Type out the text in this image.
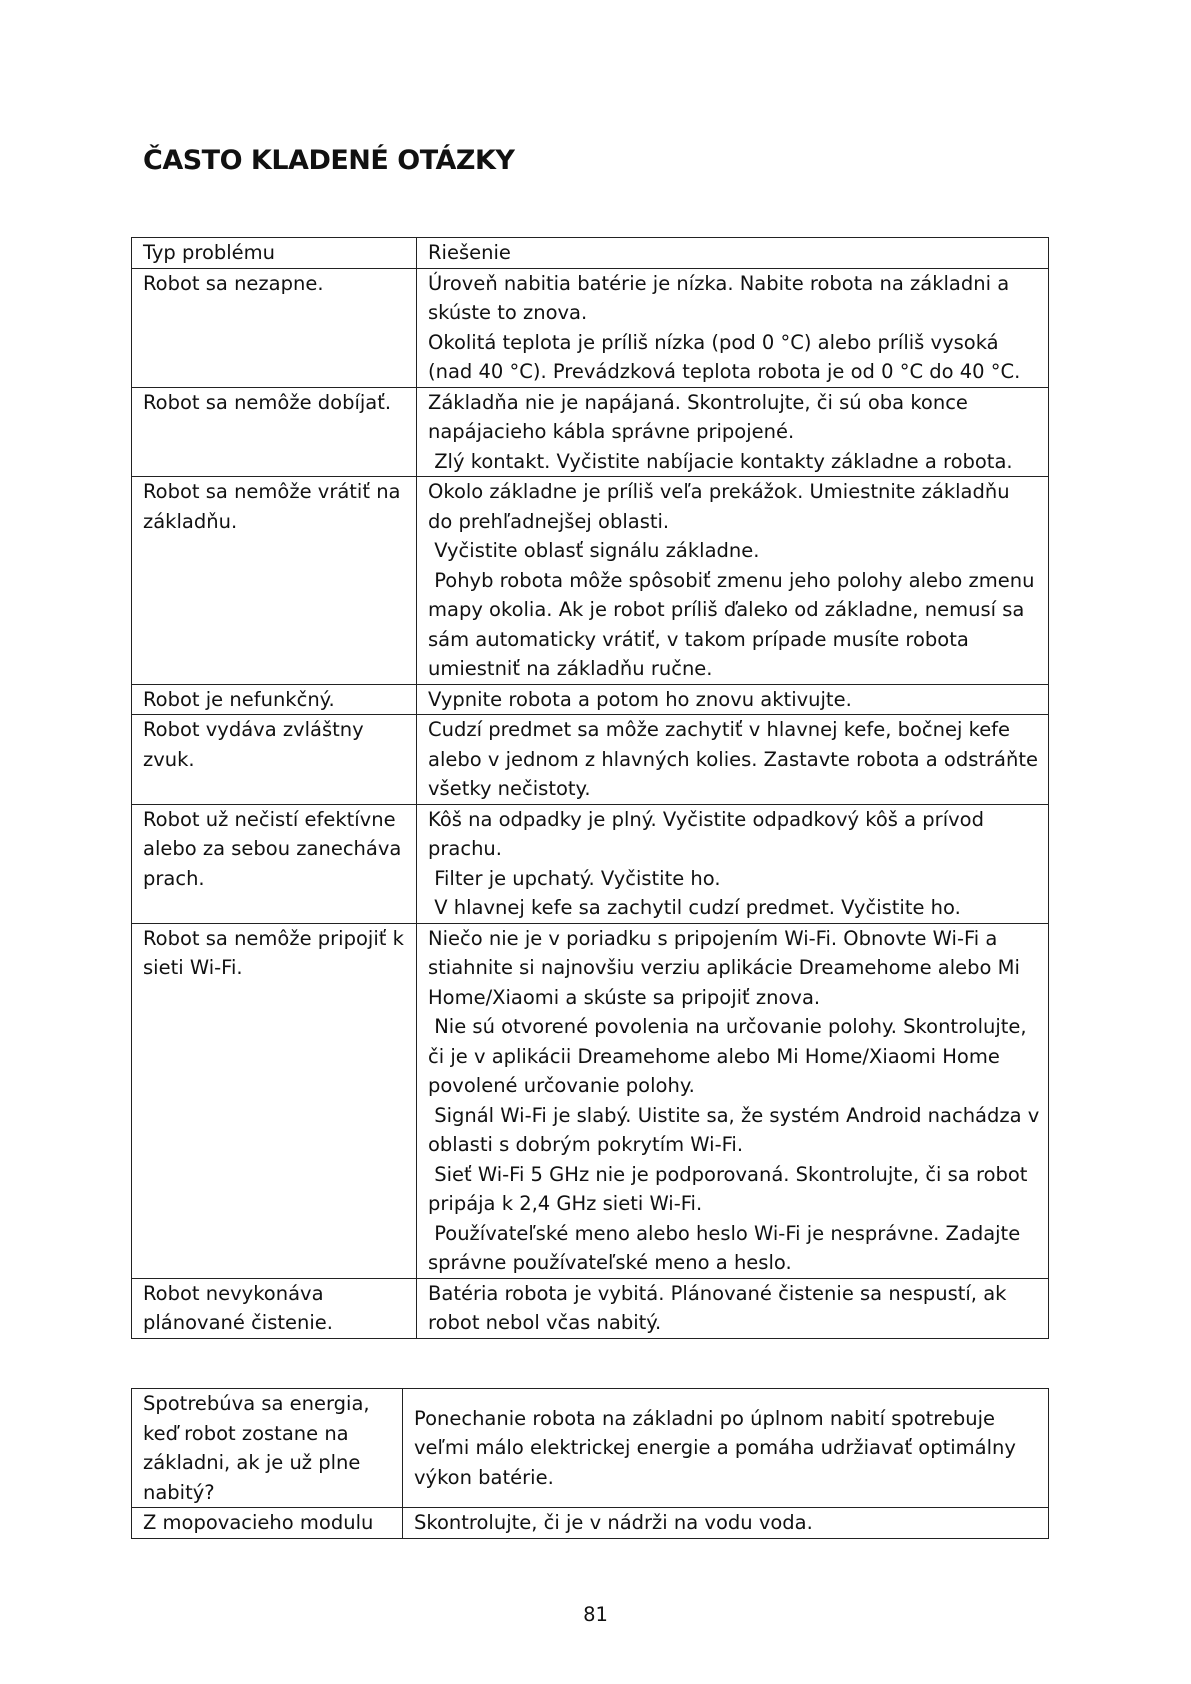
ČASTO KLADENÉ OTÁZKY
Typ problému	Riešenie
Robot sa nezapne.	Úroveň nabitia batérie je nízka. Nabite robota na základni a skúste to znova.
Okolitá teplota je príliš nízka (pod 0 °C) alebo príliš vysoká (nad 40 °C). Prevádzková teplota robota je od 0 °C do 40 °C.

Robot sa nemôže dobíjať.	Základňa nie je napájaná. Skontrolujte, či sú oba konce napájacieho kábla správne pripojené.
Zlý kontakt. Vyčistite nabíjacie kontakty základne a robota.

Robot sa nemôže vrátiť na základňu.	Okolo základne je príliš veľa prekážok. Umiestnite základňu do prehľadnejšej oblasti.
Vyčistite oblasť signálu základne.
Pohyb robota môže spôsobiť zmenu jeho polohy alebo zmenu mapy okolia. Ak je robot príliš ďaleko od základne, nemusí sa sám automaticky vrátiť, v takom prípade musíte robota umiestniť na základňu ručne.

Robot je nefunkčný.	Vypnite robota a potom ho znovu aktivujte.

Robot vydáva zvláštny zvuk.	Cudzí predmet sa môže zachytiť v hlavnej kefe, bočnej kefe alebo v jednom z hlavných kolies. Zastavte robota a odstráňte všetky nečistoty.

Robot už nečistí efektívne alebo za sebou zanecháva prach.	Kôš na odpadky je plný. Vyčistite odpadkový kôš a prívod prachu.
Filter je upchatý. Vyčistite ho.
V hlavnej kefe sa zachytil cudzí predmet. Vyčistite ho.

Robot sa nemôže pripojiť k sieti Wi-Fi.	Niečo nie je v poriadku s pripojením Wi-Fi. Obnovte Wi-Fi a stiahnite si najnovšiu verziu aplikácie Dreamehome alebo Mi Home/Xiaomi a skúste sa pripojiť znova.
Nie sú otvorené povolenia na určovanie polohy. Skontrolujte, či je v aplikácii Dreamehome alebo Mi Home/Xiaomi Home povolené určovanie polohy.
Signál Wi-Fi je slabý. Uistite sa, že systém Android nachádza v oblasti s dobrým pokrytím Wi-Fi.
Sieť Wi-Fi 5 GHz nie je podporovaná. Skontrolujte, či sa robot pripája k 2,4 GHz sieti Wi-Fi.
Používateľské meno alebo heslo Wi-Fi je nesprávne. Zadajte správne používateľské meno a heslo.

Robot nevykonáva plánované čistenie.	Batéria robota je vybitá. Plánované čistenie sa nespustí, ak robot nebol včas nabitý.
Spotrebúva sa energia, keď robot zostane na základni, ak je už plne nabitý?	Ponechanie robota na základni po úplnom nabití spotrebuje veľmi málo elektrickej energie a pomáha udržiavať optimálny výkon batérie.
Z mopovacieho modulu	Skontrolujte, či je v nádrži na vodu voda.
81
